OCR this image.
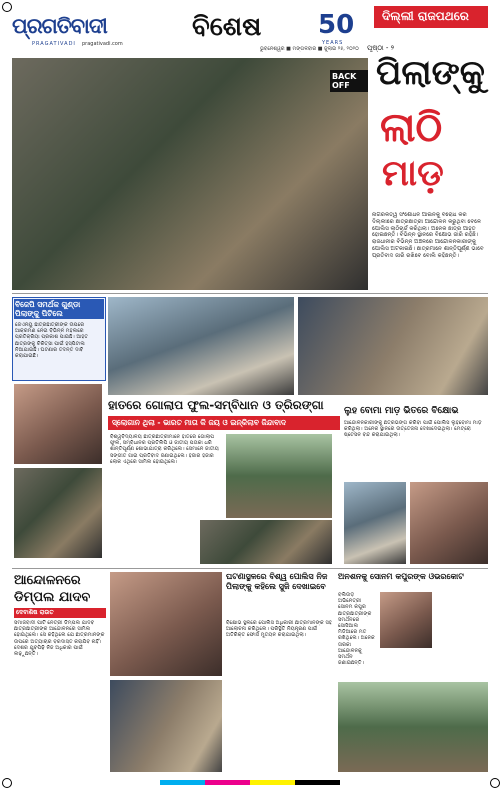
ପ୍ରଗତିବାଦୀ
PRAGATIVADI pragativadi.com
ବିଶେଷ 50
YEARS
ଦିଲ୍ଲୀ ରାଜପଥରେ
ଭୁବନେଶ୍ୱର ■ ମଙ୍ଗଳବାର ■ ଜୁଲାଇ ୨୫, ୨୦୨୦ ପୃଷ୍ଠା - ୨
BACK OFF ପିଲାଙ୍କୁ
ଲାଠି
ମାଡ଼
ନାଗରିକତ୍ୱ ସଂଶୋଧନ ଆଇନକୁ ବିରୋଧ କରି ଦିଲ୍ଲୀରେ ଛାତ୍ରଛାତ୍ରୀ ଆନ୍ଦୋଳନ କରୁଥିବା ବେଳେ ପୋଲିସ ଲାଠିଚାର୍ଜ କରିଥିଲା। ଅନେକ ଛାତ୍ର ଆହତ ହୋଇଛନ୍ତି। ବିଭିନ୍ନ ସ୍ଥାନରେ ବିକ୍ଷୋଭ ଜାରି ରହିଛି। ରାଜଧାନୀର ବିଭିନ୍ନ ଅଞ୍ଚଳରେ ଆନ୍ଦୋଳନକାରୀଙ୍କୁ ପୋଲିସ ଅଟକାଇଛି। ଛାତ୍ରମାନେ ଶାନ୍ତିପୂର୍ଣ୍ଣ ଭାବେ ପ୍ରତିବାଦ ଜାରି ରଖିବେ ବୋଲି କହିଛନ୍ତି।
ବିଜେପି ସମର୍ଥକ ଗୁଣ୍ଡା ପିଲାଙ୍କୁ ପିଟିଲେ
ଜେଏନୟୁ ଛାତ୍ରଛାତ୍ରୀଙ୍କ ଉପରେ ଆକ୍ରମଣ ନେଇ ବିଭିନ୍ନ ମହଲରେ ପ୍ରତିକ୍ରିୟା ପ୍ରକାଶ ପାଇଛି। ଆହତ ଛାତ୍ରଙ୍କୁ ଚିକିତ୍ସା ପାଇଁ ହସ୍ପିଟାଲ ନିଆଯାଇଛି। ଘଟଣାର ତଦନ୍ତ ଦାବି କରାଯାଇଛି।
ହାତରେ ଗୋଲାପ ଫୁଲ-ସମ୍ବିଧାନ ଓ ତ୍ରିରଙ୍ଗା
ସ୍ଲୋଗାନ ଥିଲା - ଭାରତ ମାତା କି ଜୟ ଓ ଇନ୍‌କିଲାବ ଜିନ୍ଦାବାଦ
ବିଶ୍ୱବିଦ୍ୟାଳୟ ଛାତ୍ରଛାତ୍ରୀମାନେ ହାତରେ ଗୋଲାପ ଫୁଲ, ସମ୍ବିଧାନର ପ୍ରତିଲିପି ଓ ଜାତୀୟ ପତାକା ଧରି ଶାନ୍ତିପୂର୍ଣ୍ଣ ଶୋଭାଯାତ୍ରା କରିଥିଲେ। ସେମାନେ ଜାତୀୟ ସଙ୍ଗୀତ ଗାଇ ପ୍ରତିବାଦ ଜଣାଇଥିଲେ। ହଜାର ହଜାର ଲୋକ ଏଥିରେ ସାମିଲ ହୋଇଥିଲେ।
ଲୁହ ବୋମା ମାଡ଼ ଭିତରେ ବିକ୍ଷୋଭ
ଆନ୍ଦୋଳନକାରୀଙ୍କୁ ଛତ୍ରଭଙ୍ଗ କରିବା ପାଇଁ ପୋଲିସ ଲୁହବୋମା ମାଡ଼ କରିଥିଲା। ଅନେକ ସ୍ଥାନରେ ଉତ୍ତେଜନା ଦେଖାଦେଇଥିଲା। ମେଟ୍ରୋ ଷ୍ଟେସନ ବନ୍ଦ କରାଯାଇଥିଲା।
ଆନ୍ଦୋଳନରେ ଡିମ୍ପଲ ଯାଦବ
ଦେବାଶିଷ ରାଉତ
ସମାଜବାଦୀ ପାର୍ଟି ନେତ୍ରୀ ଡିମ୍ପଲ ଯାଦବ ଛାତ୍ରଛାତ୍ରୀଙ୍କ ଆନ୍ଦୋଳନରେ ସାମିଲ ହୋଇଥିଲେ। ସେ କହିଥିଲେ ଯେ ଛାତ୍ରମାନଙ୍କ ଉପରେ ଅତ୍ୟାଚାର ବରଦାସ୍ତ କରାଯିବ ନାହିଁ। ଦେଶର ଯୁବପିଢ଼ି ନିଜ ଅଧିକାର ପାଇଁ ଲଢ଼ୁଛନ୍ତି।
ଘଟଣାସ୍ଥଳରେ ବିଶ୍ୱ ପୋଲିସ ନିଜ ପିଲାଙ୍କୁ କହିଲେ ସୁଜି ଦେଖାଇବେ
ବିକ୍ଷୋଭ ସ୍ଥଳରେ ପୋଲିସ ଅଧିକାରୀ ଛାତ୍ରମାନଙ୍କ ସହ ଆଲୋଚନା କରିଥିଲେ। ପରିସ୍ଥିତି ନିୟନ୍ତ୍ରଣ ପାଇଁ ଅତିରିକ୍ତ ଫୋର୍ସ ମୁତୟନ କରାଯାଇଥିଲା।
ଅନଶନକୁ ସୋନମ କପୁରଙ୍କ ଓଭରକୋଟ
ବଲିଉଡ଼ ଅଭିନେତ୍ରୀ ସୋନମ କପୁର ଛାତ୍ରଛାତ୍ରୀଙ୍କ ସମର୍ଥନରେ ସୋସିଆଲ ମିଡିଆରେ ମତ ରଖିଥିଲେ। ଅନେକ ତାରକା ଆନ୍ଦୋଳନକୁ ସମର୍ଥନ ଜଣାଇଛନ୍ତି।
